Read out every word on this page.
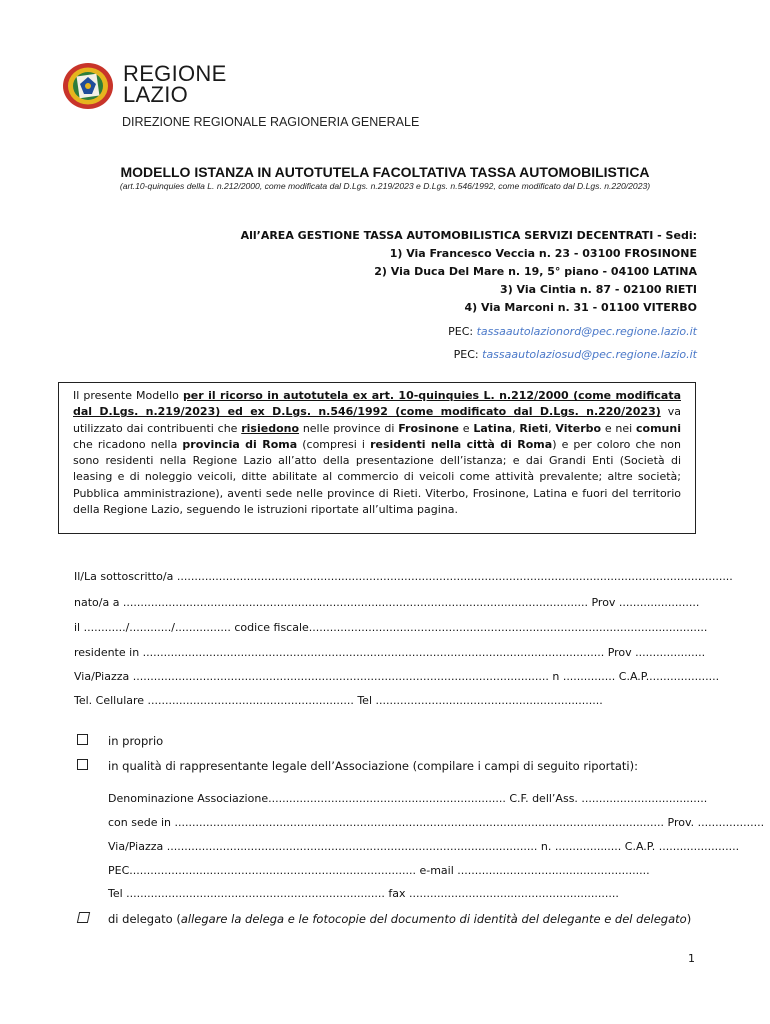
REGIONE
LAZIO
DIREZIONE REGIONALE RAGIONERIA GENERALE
MODELLO ISTANZA IN AUTOTUTELA FACOLTATIVA TASSA AUTOMOBILISTICA
(art.10-quinquies della L. n.212/2000, come modificata dal D.Lgs. n.219/2023 e D.Lgs. n.546/1992, come modificato dal D.Lgs. n.220/2023)
All’AREA GESTIONE TASSA AUTOMOBILISTICA SERVIZI DECENTRATI - Sedi:
1) Via Francesco Veccia n. 23 - 03100 FROSINONE
2) Via Duca Del Mare n. 19, 5° piano - 04100 LATINA
3) Via Cintia n. 87 - 02100 RIETI
4) Via Marconi n. 31 - 01100 VITERBO
PEC: tassaautolazionord@pec.regione.lazio.it
PEC: tassaautolaziosud@pec.regione.lazio.it

Il presente Modello per il ricorso in autotutela ex art. 10-quinquies L. n.212/2000 (come modificata dal D.Lgs. n.219/2023) ed ex D.Lgs. n.546/1992 (come modificato dal D.Lgs. n.220/2023) va utilizzato dai contribuenti che risiedono nelle province di Frosinone e Latina, Rieti, Viterbo e nei comuni che ricadono nella provincia di Roma (compresi i residenti nella città di Roma) e per coloro che non sono residenti nella Regione Lazio all’atto della presentazione dell’istanza; e dai Grandi Enti (Società di leasing e di noleggio veicoli, ditte abilitate al commercio di veicoli come attività prevalente; altre società; Pubblica amministrazione), aventi sede nelle province di Rieti. Viterbo, Frosinone, Latina e fuori del territorio della Regione Lazio, seguendo le istruzioni riportate all’ultima pagina.

Il/La sottoscritto/a ...............................................................................................................................................................
nato/a a ..................................................................................................................................... Prov .......................
il ............/............/................ codice fiscale..................................................................................................................
residente in .................................................................................................................................... Prov ....................
Via/Piazza ....................................................................................................................... n ............... C.A.P.....................
Tel. Cellulare ........................................................... Tel .................................................................
in proprio
in qualità di rappresentante legale dell’Associazione (compilare i campi di seguito riportati):
Denominazione Associazione.................................................................... C.F. dell’Ass. ....................................
con sede in ............................................................................................................................................ Prov. ...................
Via/Piazza .......................................................................................................... n. ................... C.A.P. .......................
PEC.................................................................................. e-mail .......................................................
Tel .......................................................................... fax ............................................................
di delegato (allegare la delega e le fotocopie del documento di identità del delegante e del delegato)
1
